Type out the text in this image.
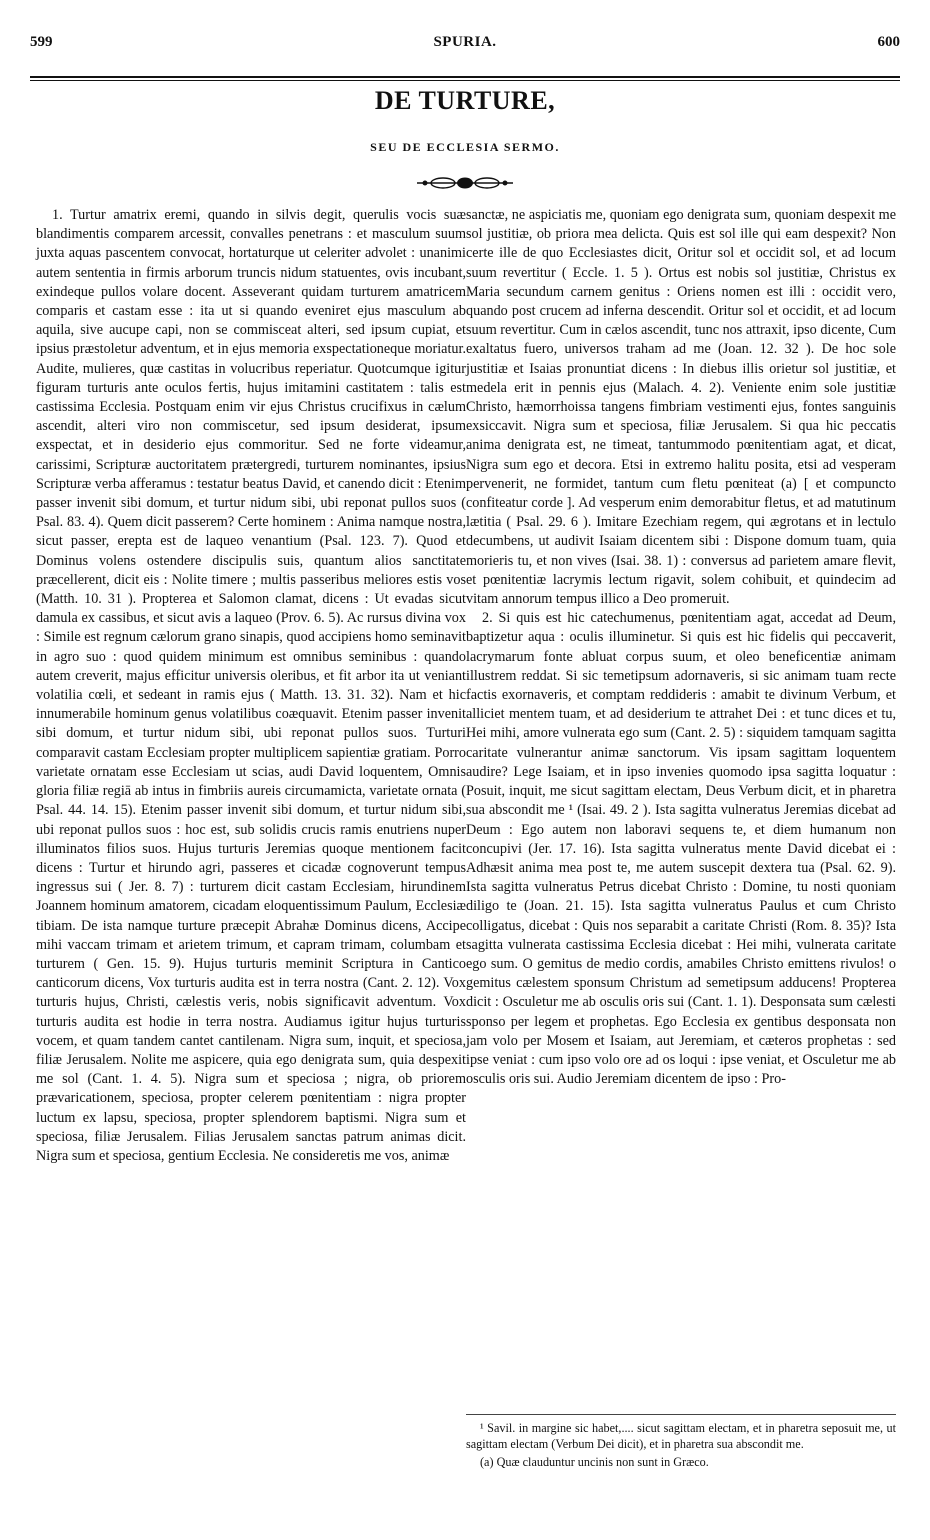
599	SPURIA.	600
DE TURTURE,
SEU DE ECCLESIA SERMO.

1. Turtur amatrix eremi, quando in silvis degit, querulis vocis suæ blandimentis comparem arcessit, convalles penetrans : et masculum suum juxta aquas pascentem convocat, hortaturque ut celeriter advolet : unanimi autem sententia in firmis arborum truncis nidum statuentes, ovis incubant, exindeque pullos volare docent. Asseverant quidam turturem amatricem comparis et castam esse : ita ut si quando eveniret ejus masculum ab aquila, sive aucupe capi, non se commisceat alteri, sed ipsum cupiat, et ipsius præstoletur adventum, et in ejus memoria exspectationeque moriatur. Audite, mulieres, quæ castitas in volucribus reperiatur. Quotcumque igitur figuram turturis ante oculos fertis, hujus imitamini castitatem : talis est castissima Ecclesia. Postquam enim vir ejus Christus crucifixus in cælum ascendit, alteri viro non commiscetur, sed ipsum desiderat, ipsum exspectat, et in desiderio ejus commoritur. Sed ne forte videamur, carissimi, Scripturæ auctoritatem prætergredi, turturem nominantes, ipsius Scripturæ verba afferamus : testatur beatus David, et canendo dicit : Etenim passer invenit sibi domum, et turtur nidum sibi, ubi reponat pullos suos ( Psal. 83. 4). Quem dicit passerem? Certe hominem : Anima namque nostra, sicut passer, erepta est de laqueo venantium (Psal. 123. 7). Quod et Dominus volens ostendere discipulis suis, quantum alios sanctitate præcellerent, dicit eis : Nolite timere ; multis passeribus meliores estis vos (Matth. 10. 31 ). Propterea et Salomon clamat, dicens : Ut evadas sicut damula ex cassibus, et sicut avis a laqueo (Prov. 6. 5). Ac rursus divina vox : Simile est regnum cælorum grano sinapis, quod accipiens homo seminavit in agro suo : quod quidem minimum est omnibus seminibus : quando autem creverit, majus efficitur universis oleribus, et fit arbor ita ut veniant volatilia cœli, et sedeant in ramis ejus ( Matth. 13. 31. 32). Nam et hic innumerabile hominum genus volatilibus coæquavit. Etenim passer invenit sibi domum, et turtur nidum sibi, ubi reponat pullos suos. Turturi comparavit castam Ecclesiam propter multiplicem sapientiæ gratiam. Porro varietate ornatam esse Ecclesiam ut scias, audi David loquentem, Omnis gloria filiæ regiā ab intus in fimbriis aureis circumamicta, varietate ornata ( Psal. 44. 14. 15). Etenim passer invenit sibi domum, et turtur nidum sibi, ubi reponat pullos suos : hoc est, sub solidis crucis ramis enutriens nuper illuminatos filios suos. Hujus turturis Jeremias quoque mentionem facit dicens : Turtur et hirundo agri, passeres et cicadæ cognoverunt tempus ingressus sui ( Jer. 8. 7) : turturem dicit castam Ecclesiam, hirundinem Joannem hominum amatorem, cicadam eloquentissimum Paulum, Ecclesiæ tibiam. De ista namque turture præcepit Abrahæ Dominus dicens, Accipe mihi vaccam trimam et arietem trimum, et capram trimam, columbam et turturem ( Gen. 15. 9). Hujus turturis meminit Scriptura in Cantico canticorum dicens, Vox turturis audita est in terra nostra (Cant. 2. 12). Vox turturis hujus, Christi, cælestis veris, nobis significavit adventum. Vox turturis audita est hodie in terra nostra. Audiamus igitur hujus turturis vocem, et quam tandem cantet cantilenam. Nigra sum, inquit, et speciosa, filiæ Jerusalem. Nolite me aspicere, quia ego denigrata sum, quia despexit me sol (Cant. 1. 4. 5). Nigra sum et speciosa ; nigra, ob priorem prævaricationem, speciosa, propter celerem pœnitentiam : nigra propter luctum ex lapsu, speciosa, propter splendorem baptismi. Nigra sum et speciosa, filiæ Jerusalem. Filias Jerusalem sanctas patrum animas dicit. Nigra sum et speciosa, gentium Ecclesia. Ne consideretis me vos, animæ

sanctæ, ne aspiciatis me, quoniam ego denigrata sum, quoniam despexit me sol justitiæ, ob priora mea delicta. Quis est sol ille qui eam despexit? Non certe ille de quo Ecclesiastes dicit, Oritur sol et occidit sol, et ad locum suum revertitur ( Eccle. 1. 5 ). Ortus est nobis sol justitiæ, Christus ex Maria secundum carnem genitus : Oriens nomen est illi : occidit vero, quando post crucem ad inferna descendit. Oritur sol et occidit, et ad locum suum revertitur. Cum in cælos ascendit, tunc nos attraxit, ipso dicente, Cum exaltatus fuero, universos traham ad me (Joan. 12. 32 ). De hoc sole justitiæ et Isaias pronuntiat dicens : In diebus illis orietur sol justitiæ, et medela erit in pennis ejus (Malach. 4. 2). Veniente enim sole justitiæ Christo, hæmorrhoissa tangens fimbriam vestimenti ejus, fontes sanguinis exsiccavit. Nigra sum et speciosa, filiæ Jerusalem. Si qua hic peccatis anima denigrata est, ne timeat, tantummodo pœnitentiam agat, et dicat, Nigra sum ego et decora. Etsi in extremo halitu posita, etsi ad vesperam pervenerit, ne formidet, tantum cum fletu pœniteat (a) [ et compuncto confiteatur corde ]. Ad vesperum enim demorabitur fletus, et ad matutinum lætitia ( Psal. 29. 6 ). Imitare Ezechiam regem, qui ægrotans et in lectulo decumbens, ut audivit Isaiam dicentem sibi : Dispone domum tuam, quia morieris tu, et non vives (Isai. 38. 1) : conversus ad parietem amare flevit, et pœnitentiæ lacrymis lectum rigavit, solem cohibuit, et quindecim ad vitam annorum tempus illico a Deo promeruit.

2. Si quis est hic catechumenus, pœnitentiam agat, accedat ad Deum, baptizetur aqua : oculis illuminetur. Si quis est hic fidelis qui peccaverit, lacrymarum fonte abluat corpus suum, et oleo beneficentiæ animam illustrem reddat. Si sic temetipsum adornaveris, si sic animam tuam recte factis exornaveris, et comptam reddideris : amabit te divinum Verbum, et alliciet mentem tuam, et ad desiderium te attrahet Dei : et tunc dices et tu, Hei mihi, amore vulnerata ego sum (Cant. 2. 5) : siquidem tamquam sagitta caritate vulnerantur animæ sanctorum. Vis ipsam sagittam loquentem audire? Lege Isaiam, et in ipso invenies quomodo ipsa sagitta loquatur : Posuit, inquit, me sicut sagittam electam, Deus Verbum dicit, et in pharetra sua abscondit me ¹ (Isai. 49. 2 ). Ista sagitta vulneratus Jeremias dicebat ad Deum : Ego autem non laboravi sequens te, et diem humanum non concupivi (Jer. 17. 16). Ista sagitta vulneratus mente David dicebat ei : Adhæsit anima mea post te, me autem suscepit dextera tua (Psal. 62. 9). Ista sagitta vulneratus Petrus dicebat Christo : Domine, tu nosti quoniam diligo te (Joan. 21. 15). Ista sagitta vulneratus Paulus et cum Christo colligatus, dicebat : Quis nos separabit a caritate Christi (Rom. 8. 35)? Ista sagitta vulnerata castissima Ecclesia dicebat : Hei mihi, vulnerata caritate ego sum. O gemitus de medio cordis, amabiles Christo emittens rivulos! o gemitus cælestem sponsum Christum ad semetipsum adducens! Propterea dicit : Osculetur me ab osculis oris sui (Cant. 1. 1). Desponsata sum cælesti sponso per legem et prophetas. Ego Ecclesia ex gentibus desponsata non jam volo per Mosem et Isaiam, aut Jeremiam, et cæteros prophetas : sed ipse veniat : cum ipso volo ore ad os loqui : ipse veniat, et Osculetur me ab osculis oris sui. Audio Jeremiam dicentem de ipso : Pro-

¹ Savil. in margine sic habet,.... sicut sagittam electam, et in pharetra seposuit me, ut sagittam electam (Verbum Dei dicit), et in pharetra sua abscondit me.

(a) Quæ clauduntur uncinis non sunt in Græco.
